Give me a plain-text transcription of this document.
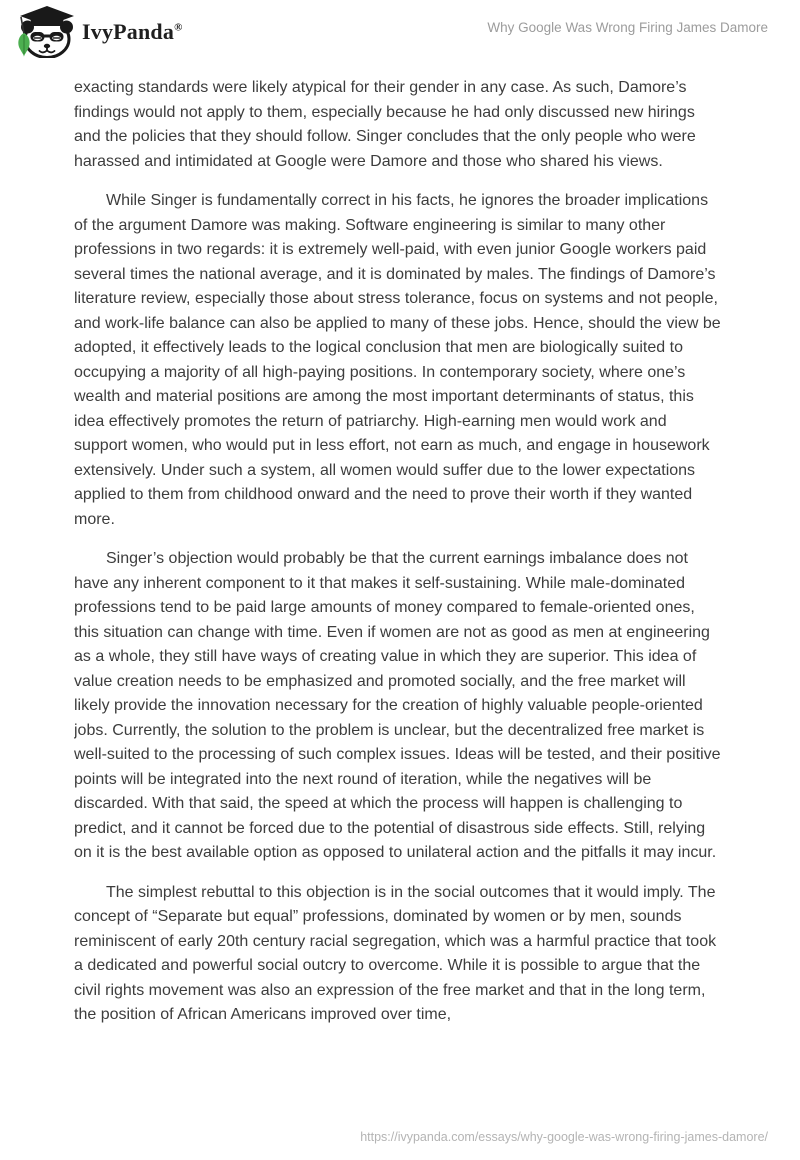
IvyPanda®	Why Google Was Wrong Firing James Damore

exacting standards were likely atypical for their gender in any case. As such, Damore’s findings would not apply to them, especially because he had only discussed new hirings and the policies that they should follow. Singer concludes that the only people who were harassed and intimidated at Google were Damore and those who shared his views.

While Singer is fundamentally correct in his facts, he ignores the broader implications of the argument Damore was making. Software engineering is similar to many other professions in two regards: it is extremely well-paid, with even junior Google workers paid several times the national average, and it is dominated by males. The findings of Damore’s literature review, especially those about stress tolerance, focus on systems and not people, and work-life balance can also be applied to many of these jobs. Hence, should the view be adopted, it effectively leads to the logical conclusion that men are biologically suited to occupying a majority of all high-paying positions. In contemporary society, where one’s wealth and material positions are among the most important determinants of status, this idea effectively promotes the return of patriarchy. High-earning men would work and support women, who would put in less effort, not earn as much, and engage in housework extensively. Under such a system, all women would suffer due to the lower expectations applied to them from childhood onward and the need to prove their worth if they wanted more.

Singer’s objection would probably be that the current earnings imbalance does not have any inherent component to it that makes it self-sustaining. While male-dominated professions tend to be paid large amounts of money compared to female-oriented ones, this situation can change with time. Even if women are not as good as men at engineering as a whole, they still have ways of creating value in which they are superior. This idea of value creation needs to be emphasized and promoted socially, and the free market will likely provide the innovation necessary for the creation of highly valuable people-oriented jobs. Currently, the solution to the problem is unclear, but the decentralized free market is well-suited to the processing of such complex issues. Ideas will be tested, and their positive points will be integrated into the next round of iteration, while the negatives will be discarded. With that said, the speed at which the process will happen is challenging to predict, and it cannot be forced due to the potential of disastrous side effects. Still, relying on it is the best available option as opposed to unilateral action and the pitfalls it may incur.

The simplest rebuttal to this objection is in the social outcomes that it would imply. The concept of “Separate but equal” professions, dominated by women or by men, sounds reminiscent of early 20th century racial segregation, which was a harmful practice that took a dedicated and powerful social outcry to overcome. While it is possible to argue that the civil rights movement was also an expression of the free market and that in the long term, the position of African Americans improved over time,

https://ivypanda.com/essays/why-google-was-wrong-firing-james-damore/
